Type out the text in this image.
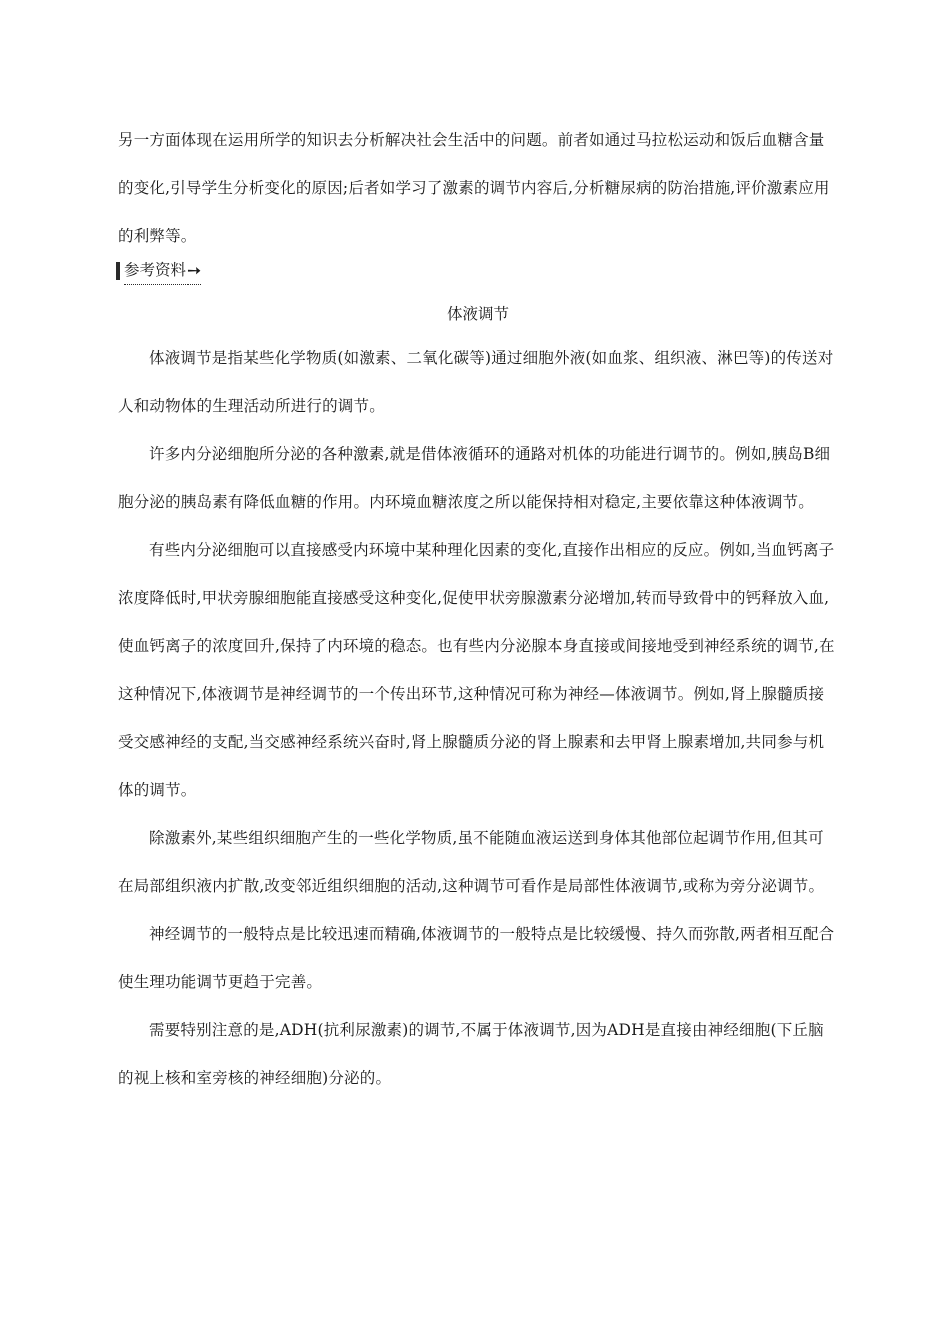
另一方面体现在运用所学的知识去分析解决社会生活中的问题。前者如通过马拉松运动和饭后血糖含量的变化,引导学生分析变化的原因;后者如学习了激素的调节内容后,分析糖尿病的防治措施,评价激素应用的利弊等。

参考资料 ➙
体液调节

体液调节是指某些化学物质(如激素、二氧化碳等)通过细胞外液(如血浆、组织液、淋巴等)的传送对人和动物体的生理活动所进行的调节。

许多内分泌细胞所分泌的各种激素,就是借体液循环的通路对机体的功能进行调节的。例如,胰岛B细胞分泌的胰岛素有降低血糖的作用。内环境血糖浓度之所以能保持相对稳定,主要依靠这种体液调节。

有些内分泌细胞可以直接感受内环境中某种理化因素的变化,直接作出相应的反应。例如,当血钙离子浓度降低时,甲状旁腺细胞能直接感受这种变化,促使甲状旁腺激素分泌增加,转而导致骨中的钙释放入血,使血钙离子的浓度回升,保持了内环境的稳态。也有些内分泌腺本身直接或间接地受到神经系统的调节,在这种情况下,体液调节是神经调节的一个传出环节,这种情况可称为神经—体液调节。例如,肾上腺髓质接受交感神经的支配,当交感神经系统兴奋时,肾上腺髓质分泌的肾上腺素和去甲肾上腺素增加,共同参与机体的调节。

除激素外,某些组织细胞产生的一些化学物质,虽不能随血液运送到身体其他部位起调节作用,但其可在局部组织液内扩散,改变邻近组织细胞的活动,这种调节可看作是局部性体液调节,或称为旁分泌调节。

神经调节的一般特点是比较迅速而精确,体液调节的一般特点是比较缓慢、持久而弥散,两者相互配合使生理功能调节更趋于完善。

需要特别注意的是,ADH(抗利尿激素)的调节,不属于体液调节,因为ADH是直接由神经细胞(下丘脑的视上核和室旁核的神经细胞)分泌的。
